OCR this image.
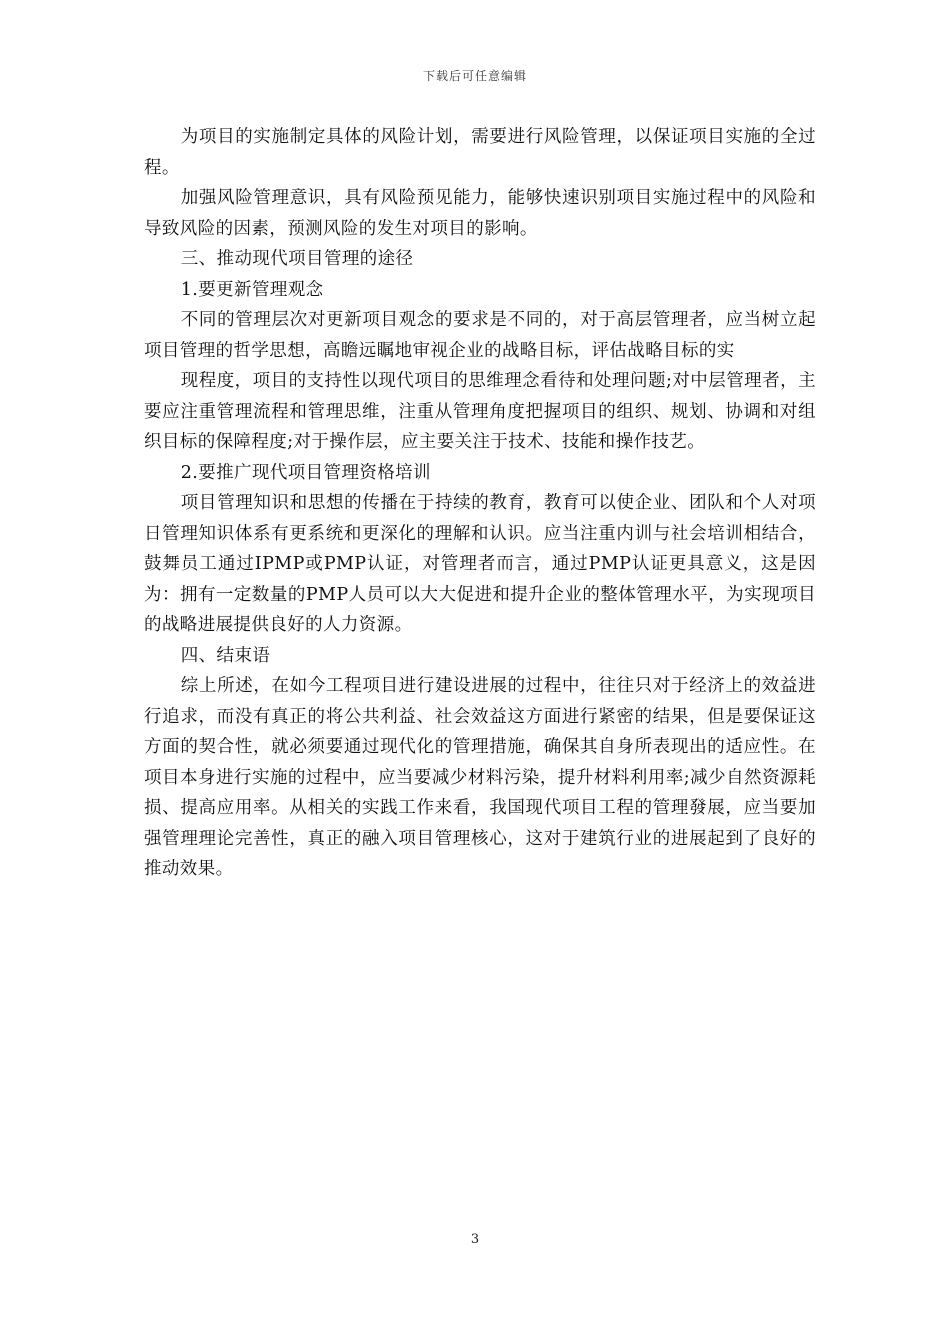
下载后可任意编辑

为项目的实施制定具体的风险计划，需要进行风险管理，以保证项目实施的全过程。

加强风险管理意识，具有风险预见能力，能够快速识别项目实施过程中的风险和导致风险的因素，预测风险的发生对项目的影响。

三、推动现代项目管理的途径

1.要更新管理观念

不同的管理层次对更新项目观念的要求是不同的，对于高层管理者，应当树立起项目管理的哲学思想，高瞻远瞩地审视企业的战略目标，评估战略目标的实

现程度，项目的支持性以现代项目的思维理念看待和处理问题;对中层管理者，主要应注重管理流程和管理思维，注重从管理角度把握项目的组织、规划、协调和对组织目标的保障程度;对于操作层，应主要关注于技术、技能和操作技艺。

2.要推广现代项目管理资格培训

项目管理知识和思想的传播在于持续的教育，教育可以使企业、团队和个人对项日管理知识体系有更系统和更深化的理解和认识。应当注重内训与社会培训相结合，鼓舞员工通过IPMP或PMP认证，对管理者而言，通过PMP认证更具意义，这是因为：拥有一定数量的PMP人员可以大大促进和提升企业的整体管理水平，为实现项目的战略进展提供良好的人力资源。

四、结束语

综上所述，在如今工程项目进行建设进展的过程中，往往只对于经济上的效益进行追求，而没有真正的将公共利益、社会效益这方面进行紧密的结果，但是要保证这方面的契合性，就必须要通过现代化的管理措施，确保其自身所表现出的适应性。在项目本身进行实施的过程中，应当要减少材料污染，提升材料利用率;减少自然资源耗损、提高应用率。从相关的实践工作来看，我国现代项目工程的管理發展，应当要加强管理理论完善性，真正的融入项目管理核心，这对于建筑行业的进展起到了良好的推动效果。

3
